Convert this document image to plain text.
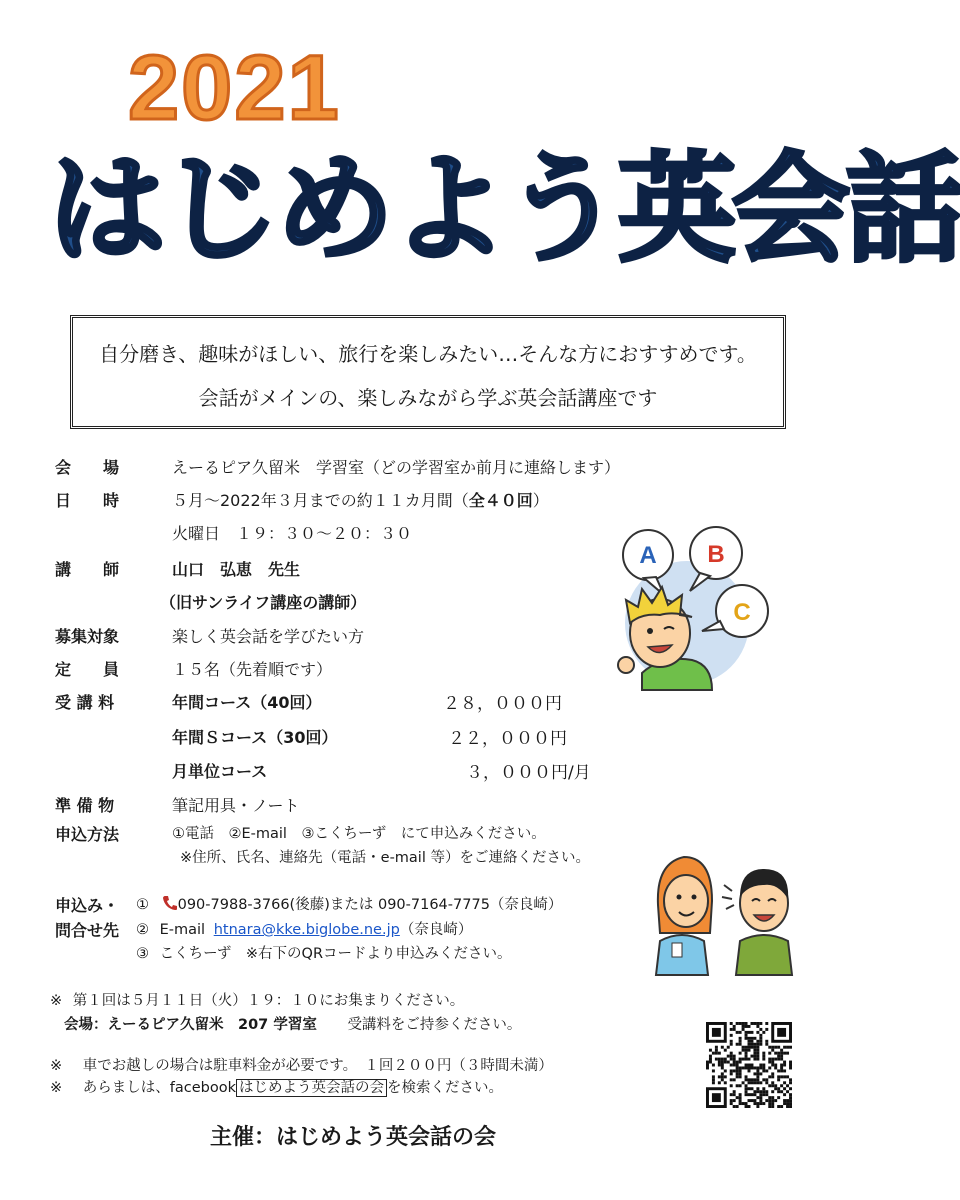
2021
はじめよう英会話
自分磨き、趣味がほしい、旅行を楽しみたい…そんな方におすすめです。
会話がメインの、楽しみながら学ぶ英会話講座です
会　　場	えーるピア久留米　学習室（どの学習室か前月に連絡します）
日　　時	５月～2022年３月までの約１１カ月間（全４０回）
火曜日　１９：３０～２０：３０
講　　師	山口　弘恵　先生
（旧サンライフ講座の講師）
募集対象	楽しく英会話を学びたい方
定　　員	１５名（先着順です）
受 講 料	年間コース（40回）	２８，０００円
年間Ｓコース（30回）	２２，０００円
月単位コース	３，０００円/月
準 備 物	筆記用具・ノート
申込方法	①電話　②E-mail　③こくちーず　にて申込みください。
※住所、氏名、連絡先（電話・e-mail 等）をご連絡ください。
申込み・
問合せ先
① 090-7988-3766(後藤)または 090-7164-7775（奈良崎）
② E-mail htnara@kke.biglobe.ne.jp（奈良崎）
③ こくちーず　※右下のQRコードより申込みください。
※ 第１回は５月１１日（火）１９：１０にお集まりください。
会場：えーるピア久留米　207 学習室 受講料をご持参ください。
※ 車でお越しの場合は駐車料金が必要です。　１回２００円（３時間未満）
※ あらましは、facebook はじめよう英会話の会 を検索ください。
主催：はじめよう英会話の会
A B
C
